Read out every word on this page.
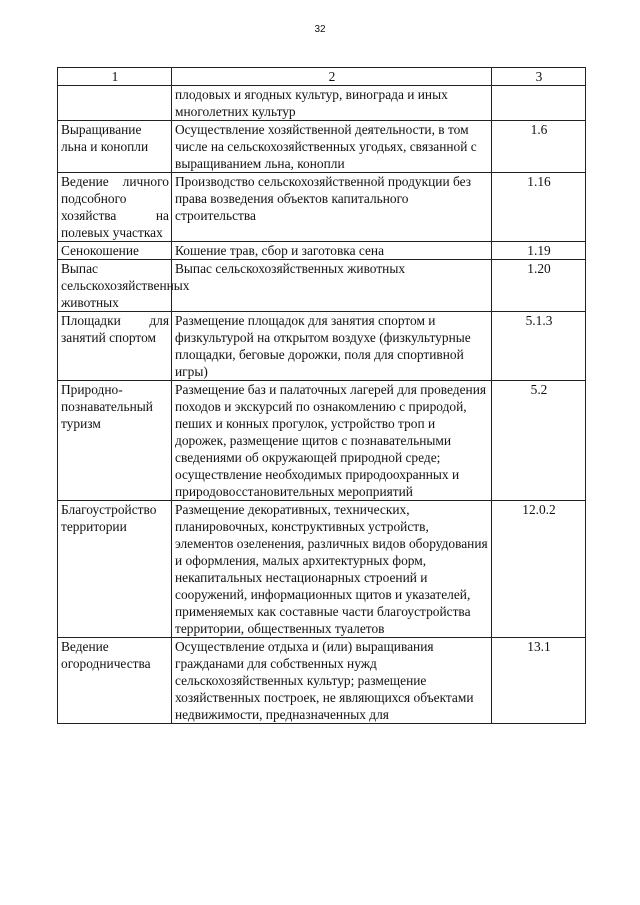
32
1	2	3
	плодовых и ягодных культур, винограда и иных многолетних культур	
Выращивание льна и конопли	Осуществление хозяйственной деятельности, в том числе на сельскохозяйственных угодьях, связанной с выращиванием льна, конопли	1.6
Ведение личного подсобного хозяйства на полевых участках	Производство сельскохозяйственной продукции без права возведения объектов капитального строительства	1.16
Сенокошение	Кошение трав, сбор и заготовка сена	1.19
Выпас сельскохозяйственных животных	Выпас сельскохозяйственных животных	1.20
Площадки для занятий спортом	Размещение площадок для занятия спортом и физкультурой на открытом воздухе (физкультурные площадки, беговые дорожки, поля для спортивной игры)	5.1.3
Природно-познавательный туризм	Размещение баз и палаточных лагерей для проведения походов и экскурсий по ознакомлению с природой, пеших и конных прогулок, устройство троп и дорожек, размещение щитов с познавательными сведениями об окружающей природной среде; осуществление необходимых природоохранных и природовосстановительных мероприятий	5.2
Благоустройство территории	Размещение декоративных, технических, планировочных, конструктивных устройств, элементов озеленения, различных видов оборудования и оформления, малых архитектурных форм, некапитальных нестационарных строений и сооружений, информационных щитов и указателей, применяемых как составные части благоустройства территории, общественных туалетов	12.0.2
Ведение огородничества	Осуществление отдыха и (или) выращивания гражданами для собственных нужд сельскохозяйственных культур; размещение хозяйственных построек, не являющихся объектами недвижимости, предназначенных для	13.1
